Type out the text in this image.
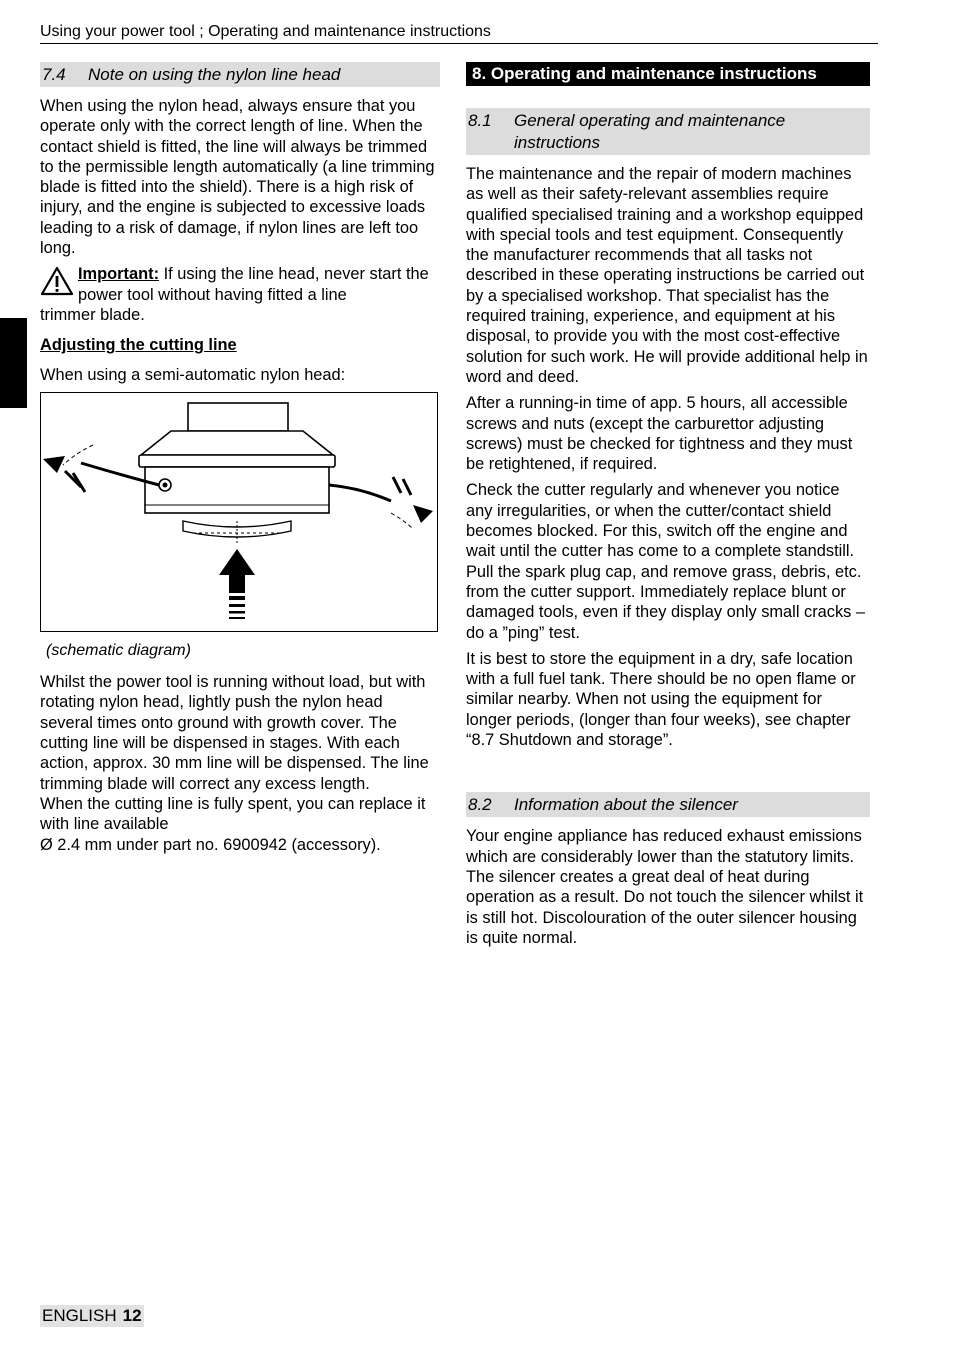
Using your power tool ; Operating and maintenance instructions
7.4 Note on using the nylon line head

When using the nylon head, always ensure that you operate only with the correct length of line. When the contact shield is fitted, the line will always be trimmed to the permissible length automatically (a line trimming blade is fitted into the shield). There is a high risk of injury, and the engine is subjected to excessive loads leading to a risk of damage, if nylon lines are left too long.

Important: If using the line head, never start the power tool without having fitted a line
trimmer blade.

Adjusting the cutting line

When using a semi-automatic nylon head:

(schematic diagram)

Whilst the power tool is running without load, but with rotating nylon head, lightly push the nylon head several times onto ground with growth cover. The cutting line will be dispensed in stages. With each action, approx. 30 mm line will be dispensed. The line trimming blade will correct any excess length.

When the cutting line is fully spent, you can replace it with line available

Ø 2.4 mm under part no. 6900942 (accessory).

8. Operating and maintenance instructions
8.1	General operating and maintenance instructions

The maintenance and the repair of modern machines as well as their safety-relevant assemblies require qualified specialised training and a workshop equipped with special tools and test equipment. Consequently the manufacturer recommends that all tasks not described in these operating instructions be carried out by a specialised workshop. That specialist has the required training, experience, and equipment at his disposal, to provide you with the most cost-effective solution for such work. He will provide additional help in word and deed.

After a running-in time of app. 5 hours, all accessible screws and nuts (except the carburettor adjusting screws) must be checked for tightness and they must be retightened, if required.

Check the cutter regularly and whenever you notice any irregularities, or when the cutter/contact shield becomes blocked. For this, switch off the engine and wait until the cutter has come to a complete standstill. Pull the spark plug cap, and remove grass, debris, etc. from the cutter support. Immediately replace blunt or damaged tools, even if they display only small cracks – do a ”ping” test.

It is best to store the equipment in a dry, safe location with a full fuel tank. There should be no open flame or similar nearby. When not using the equipment for longer periods, (longer than four weeks), see chapter “8.7 Shutdown and storage”.

8.2 Information about the silencer

Your engine appliance has reduced exhaust emissions which are considerably lower than the statutory limits. The silencer creates a great deal of heat during operation as a result. Do not touch the silencer whilst it is still hot. Discolouration of the outer silencer housing is quite normal.

ENGLISH 12
